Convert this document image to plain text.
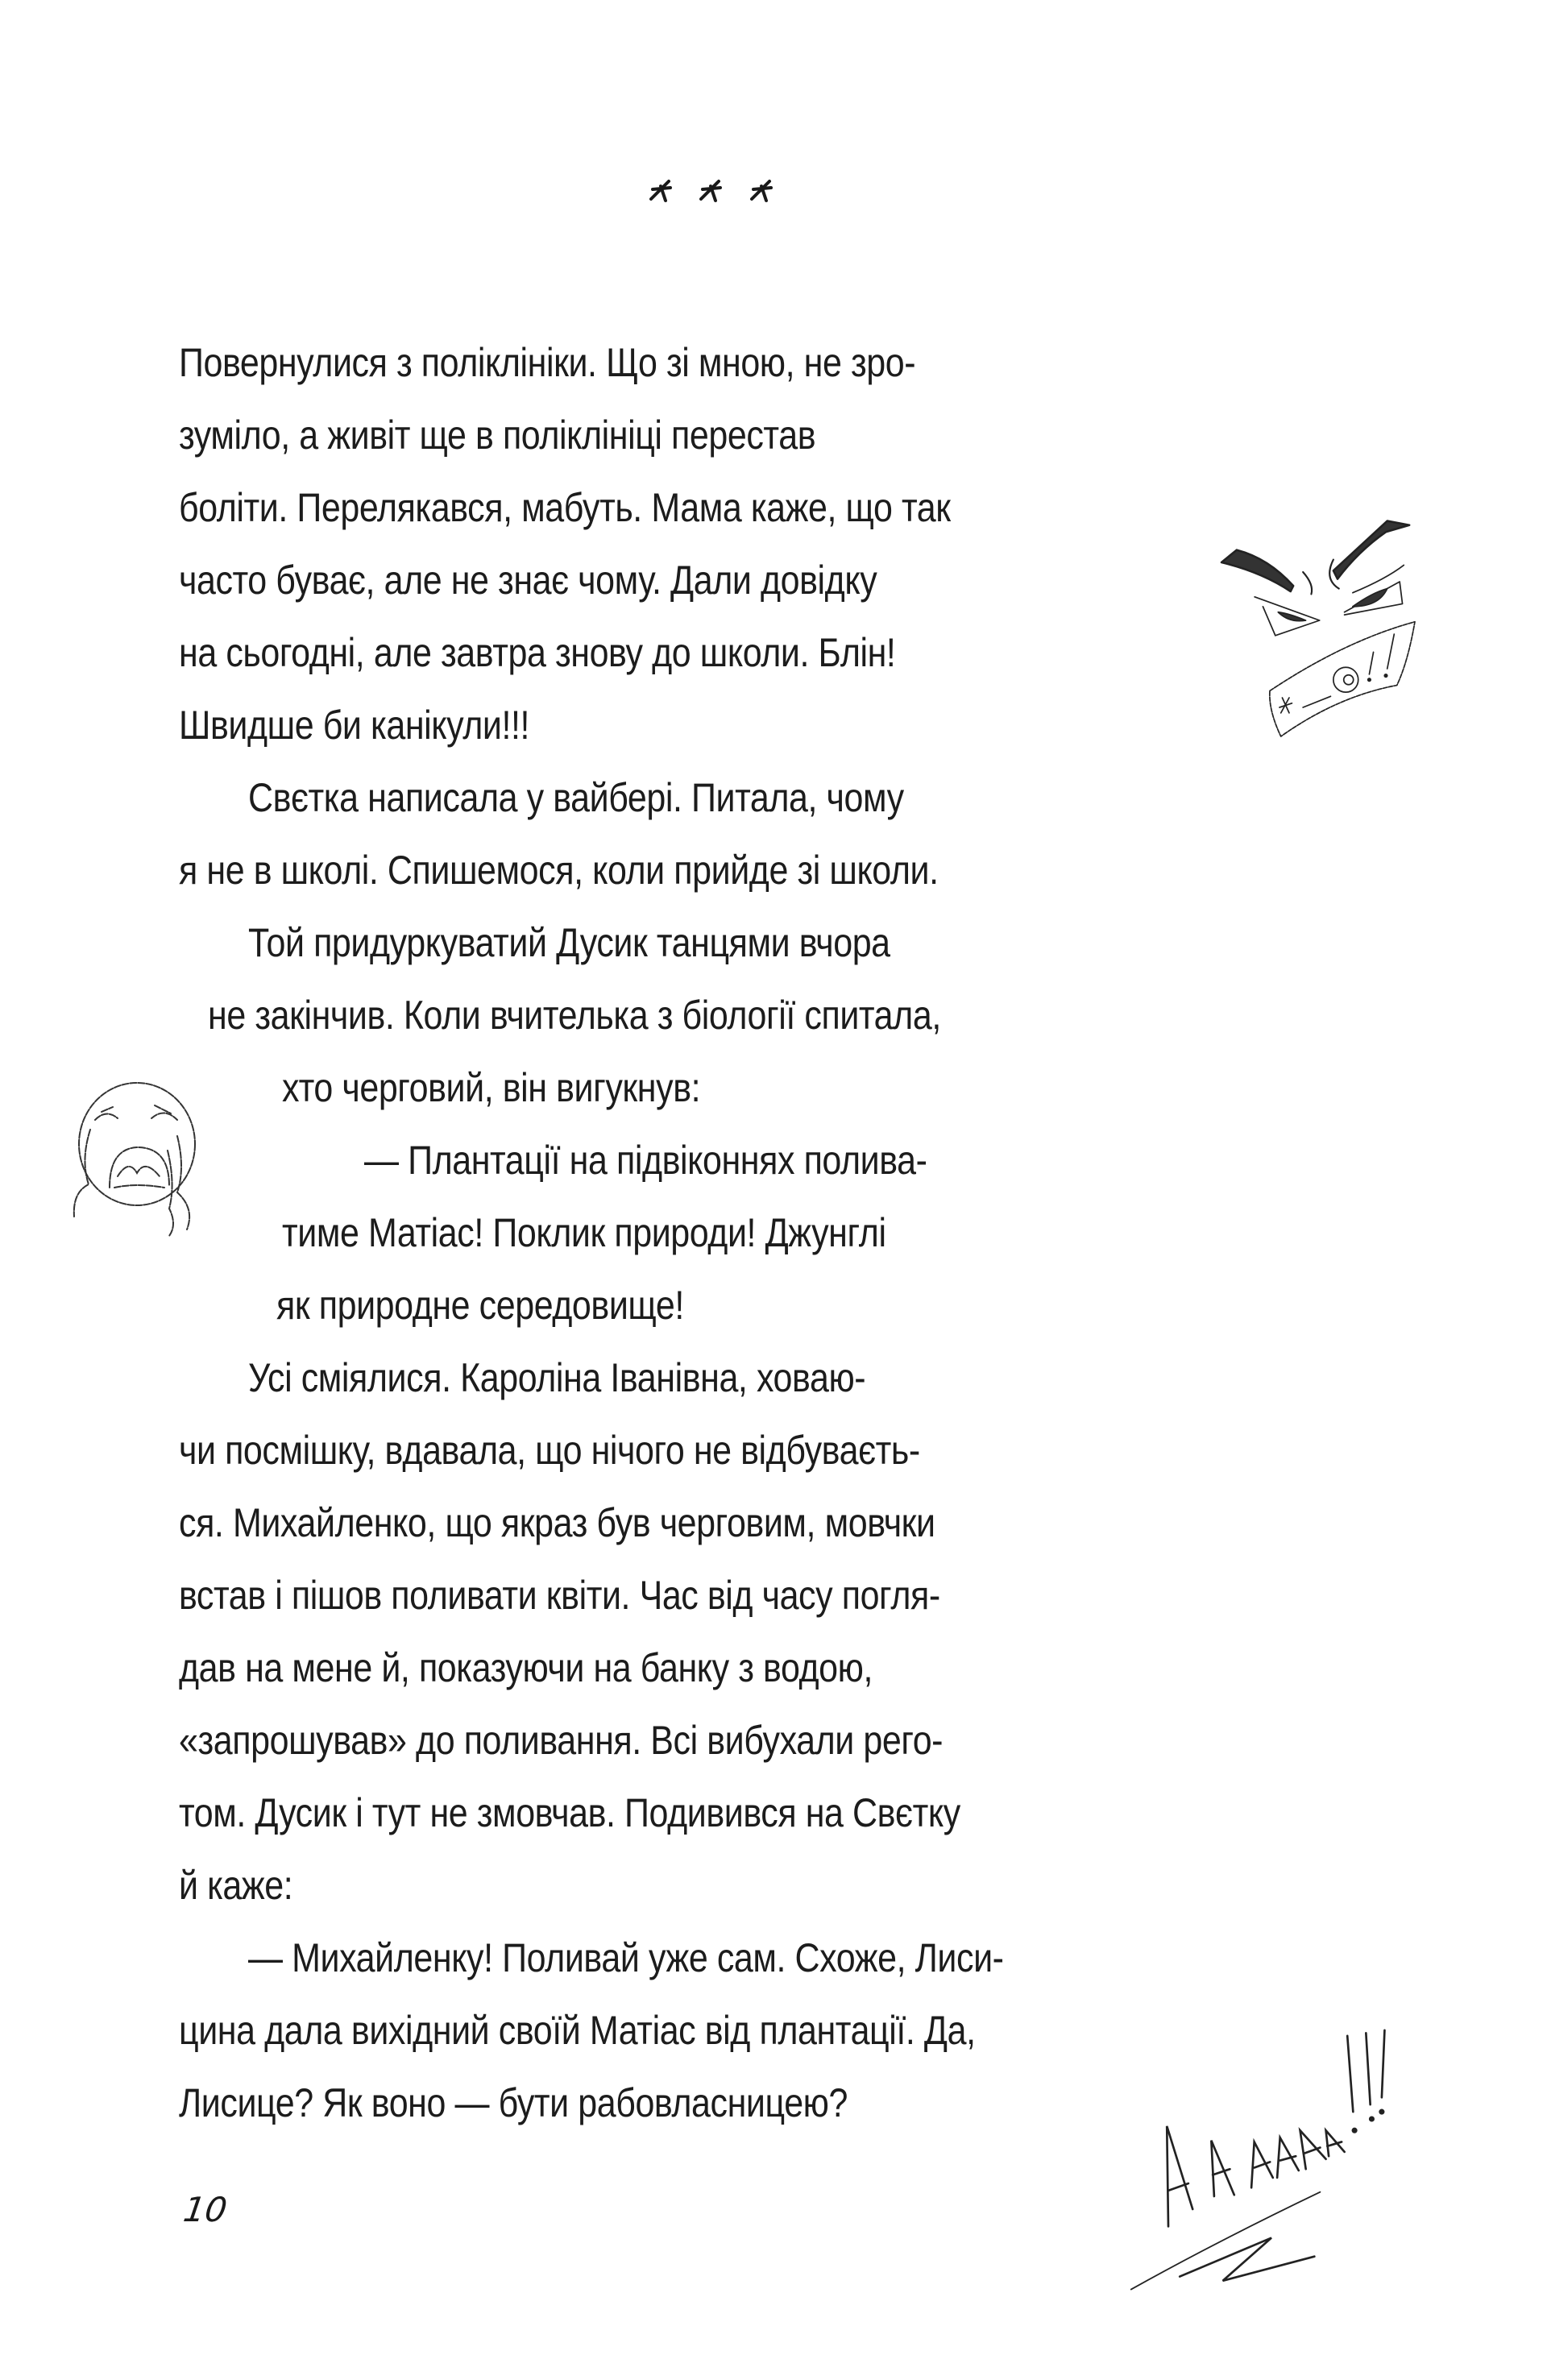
Повернулися з поліклініки. Що зі мною, не зро-
зуміло, а живіт ще в поліклініці перестав
боліти. Перелякався, мабуть. Мама каже, що так
часто буває, але не знає чому. Дали довідку
на сьогодні, але завтра знову до школи. Блін!
Швидше би канікули!!!
Свєтка написала у вайбері. Питала, чому
я не в школі. Спишемося, коли прийде зі школи.
Той придуркуватий Дусик танцями вчора
не закінчив. Коли вчителька з біології спитала,
хто черговий, він вигукнув:
— Плантації на підвіконнях полива-
тиме Матіас! Поклик природи! Джунглі
як природне середовище!
Усі сміялися. Кароліна Іванівна, ховаю-
чи посмішку, вдавала, що нічого не відбуваєть-
ся. Михайленко, що якраз був черговим, мовчки
встав і пішов поливати квіти. Час від часу погля-
дав на мене й, показуючи на банку з водою,
«запрошував» до поливання. Всі вибухали рего-
том. Дусик і тут не змовчав. Подивився на Свєтку
й каже:
— Михайленку! Поливай уже сам. Схоже, Лиси-
цина дала вихідний своїй Матіас від плантації. Да,
Лисице? Як воно — бути рабовласницею?
10
